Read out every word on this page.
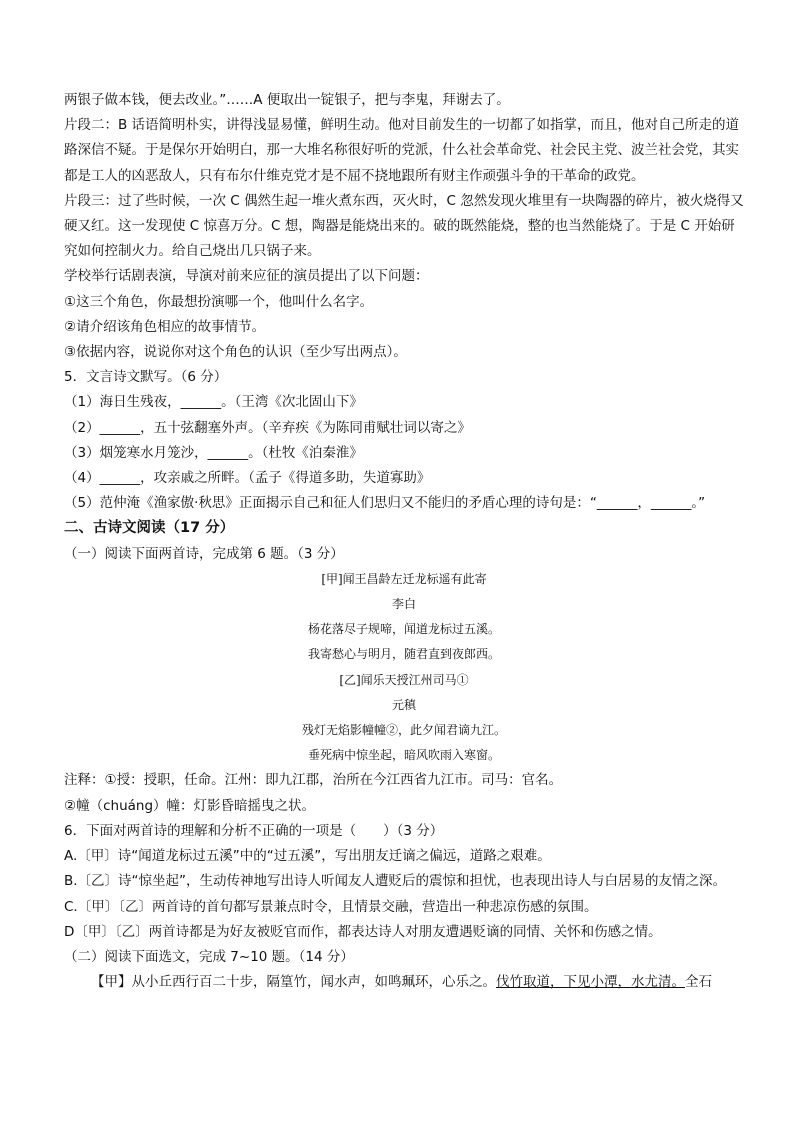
两银子做本钱，便去改业。”……A 便取出一锭银子，把与李鬼，拜谢去了。

片段二：B 话语简明朴实，讲得浅显易懂，鲜明生动。他对目前发生的一切都了如指掌，而且，他对自己所走的道路深信不疑。于是保尔开始明白，那一大堆名称很好听的党派，什么社会革命党、社会民主党、波兰社会党，其实都是工人的凶恶敌人，只有布尔什维克党才是不屈不挠地跟所有财主作顽强斗争的干革命的政党。

片段三：过了些时候，一次 C 偶然生起一堆火煮东西，灭火时，C 忽然发现火堆里有一块陶器的碎片，被火烧得又硬又红。这一发现使 C 惊喜万分。C 想，陶器是能烧出来的。破的既然能烧，整的也当然能烧了。于是 C 开始研究如何控制火力。给自己烧出几只锅子来。

学校举行话剧表演，导演对前来应征的演员提出了以下问题：

①这三个角色，你最想扮演哪一个，他叫什么名字。

②请介绍该角色相应的故事情节。

③依据内容，说说你对这个角色的认识（至少写出两点）。

5．文言诗文默写。（6 分）

（1）海日生残夜，______。（王湾《次北固山下》

（2）______，五十弦翻塞外声。（辛弃疾《为陈同甫赋壮词以寄之》

（3）烟笼寒水月笼沙，______。（杜牧《泊秦淮》

（4）______，攻亲戚之所畔。（孟子《得道多助，失道寡助》

（5）范仲淹《渔家傲·秋思》正面揭示自己和征人们思归又不能归的矛盾心理的诗句是：“______，______。”

二、古诗文阅读（17 分）

（一）阅读下面两首诗，完成第 6 题。（3 分）

[甲]闻王昌龄左迁龙标遥有此寄

李白

杨花落尽子规啼，闻道龙标过五溪。

我寄愁心与明月，随君直到夜郎西。

[乙]闻乐天授江州司马①

元稹

残灯无焰影幢幢②，此夕闻君谪九江。

垂死病中惊坐起，暗风吹雨入寒窗。

注释：①授：授职，任命。江州：即九江郡，治所在今江西省九江市。司马：官名。

②幢（chuáng）幢：灯影昏暗摇曳之状。

6．下面对两首诗的理解和分析不正确的一项是（　　）（3 分）

A.〔甲〕诗“闻道龙标过五溪”中的“过五溪”，写出朋友迁谪之偏远，道路之艰难。

B.〔乙〕诗“惊坐起”，生动传神地写出诗人听闻友人遭贬后的震惊和担忧，也表现出诗人与白居易的友情之深。

C.〔甲〕〔乙〕两首诗的首句都写景兼点时令，且情景交融，营造出一种悲凉伤感的氛围。

D〔甲〕〔乙〕两首诗都是为好友被贬官而作，都表达诗人对朋友遭遇贬谪的同情、关怀和伤感之情。

（二）阅读下面选文，完成 7~10 题。（14 分）

【甲】从小丘西行百二十步，隔篁竹，闻水声，如鸣珮环，心乐之。伐竹取道，下见小潭，水尤清。全石
